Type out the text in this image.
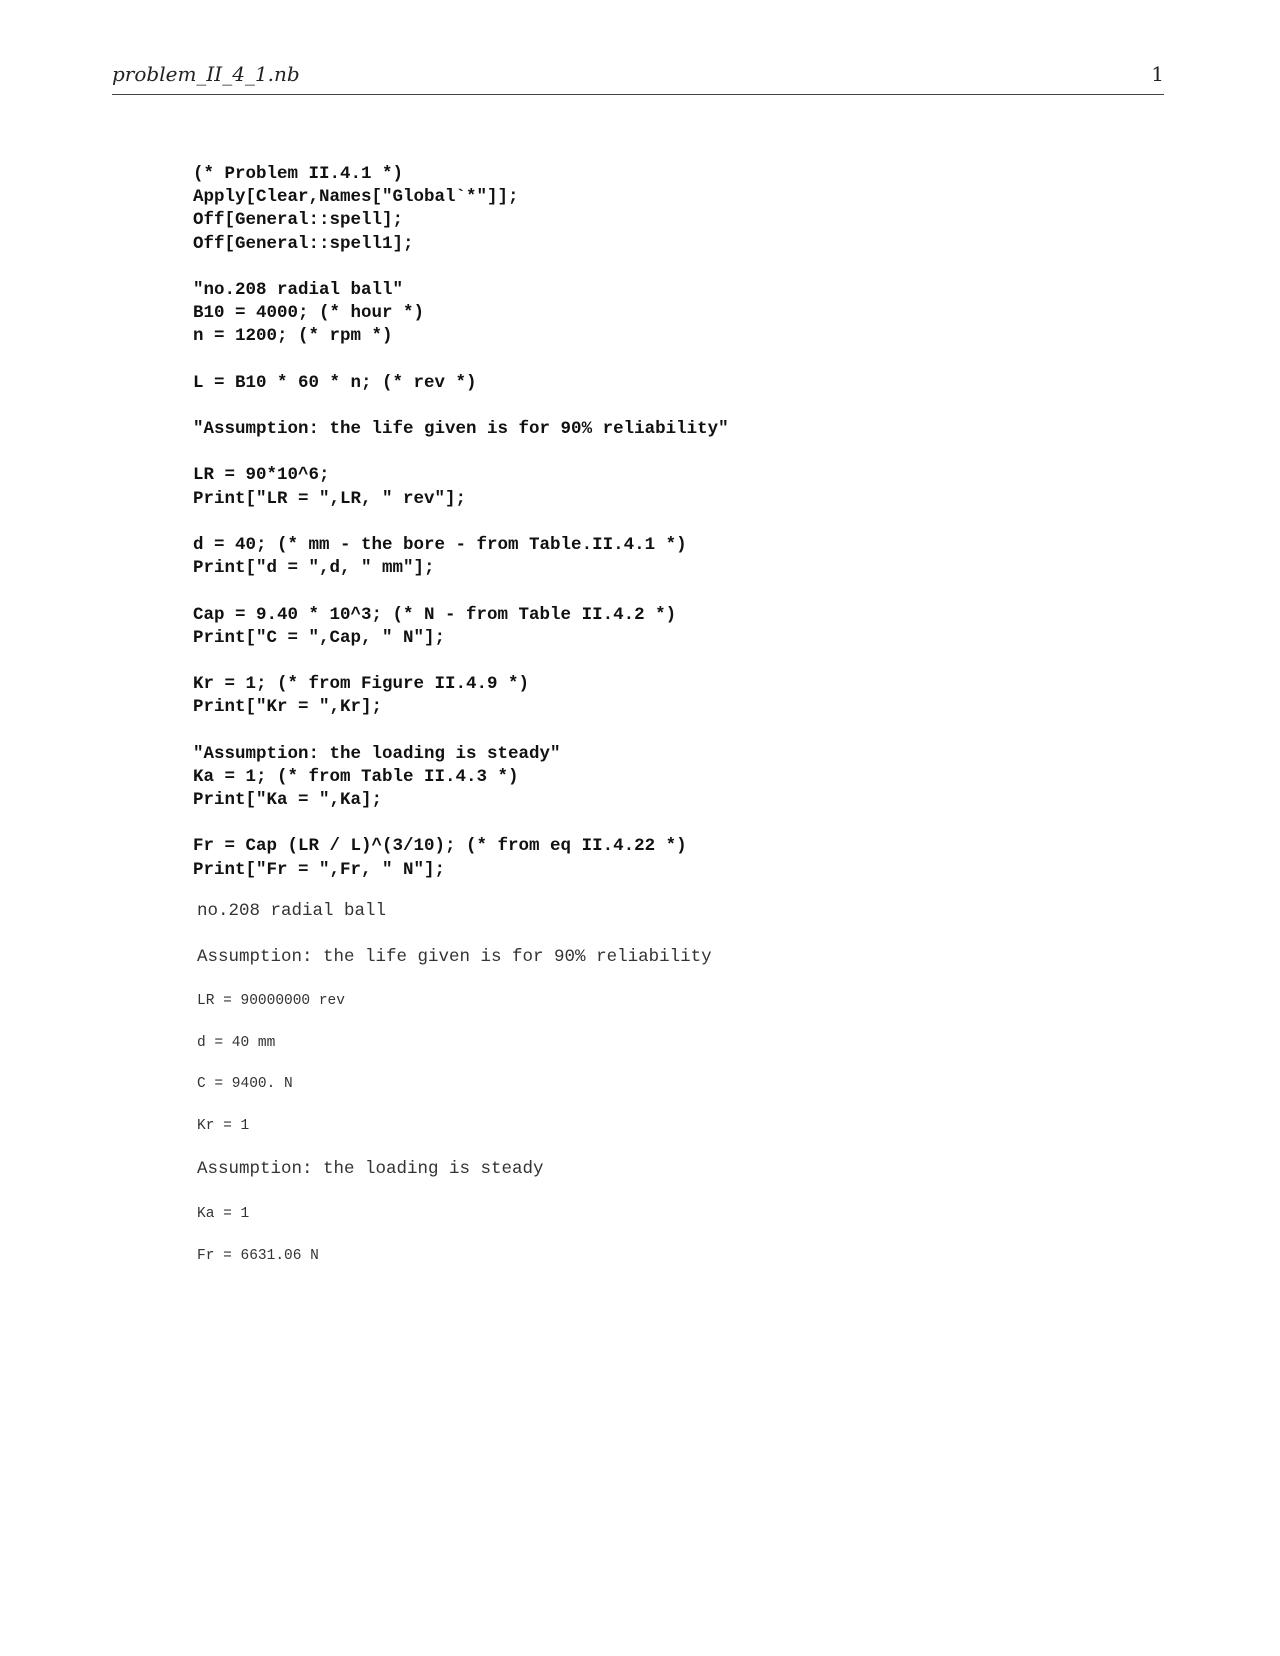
problem_II_4_1.nb	1
(* Problem II.4.1 *)
Apply[Clear,Names["Global`*"]];
Off[General::spell];
Off[General::spell1];
"no.208 radial ball"
B10 = 4000; (* hour *)
n = 1200; (* rpm *)
L = B10 * 60 * n; (* rev *)
"Assumption: the life given is for 90% reliability"
LR = 90*10^6;
Print["LR = ",LR, " rev"];
d = 40; (* mm - the bore - from Table.II.4.1 *)
Print["d = ",d, " mm"];
Cap = 9.40 * 10^3; (* N - from Table II.4.2 *)
Print["C = ",Cap, " N"];
Kr = 1; (* from Figure II.4.9 *)
Print["Kr = ",Kr];
"Assumption: the loading is steady"
Ka = 1; (* from Table II.4.3 *)
Print["Ka = ",Ka];
Fr = Cap (LR / L)^(3/10); (* from eq II.4.22 *)
Print["Fr = ",Fr, " N"];
no.208 radial ball
Assumption: the life given is for 90% reliability
LR = 90000000 rev
d = 40 mm
C = 9400. N
Kr = 1
Assumption: the loading is steady
Ka = 1
Fr = 6631.06 N
